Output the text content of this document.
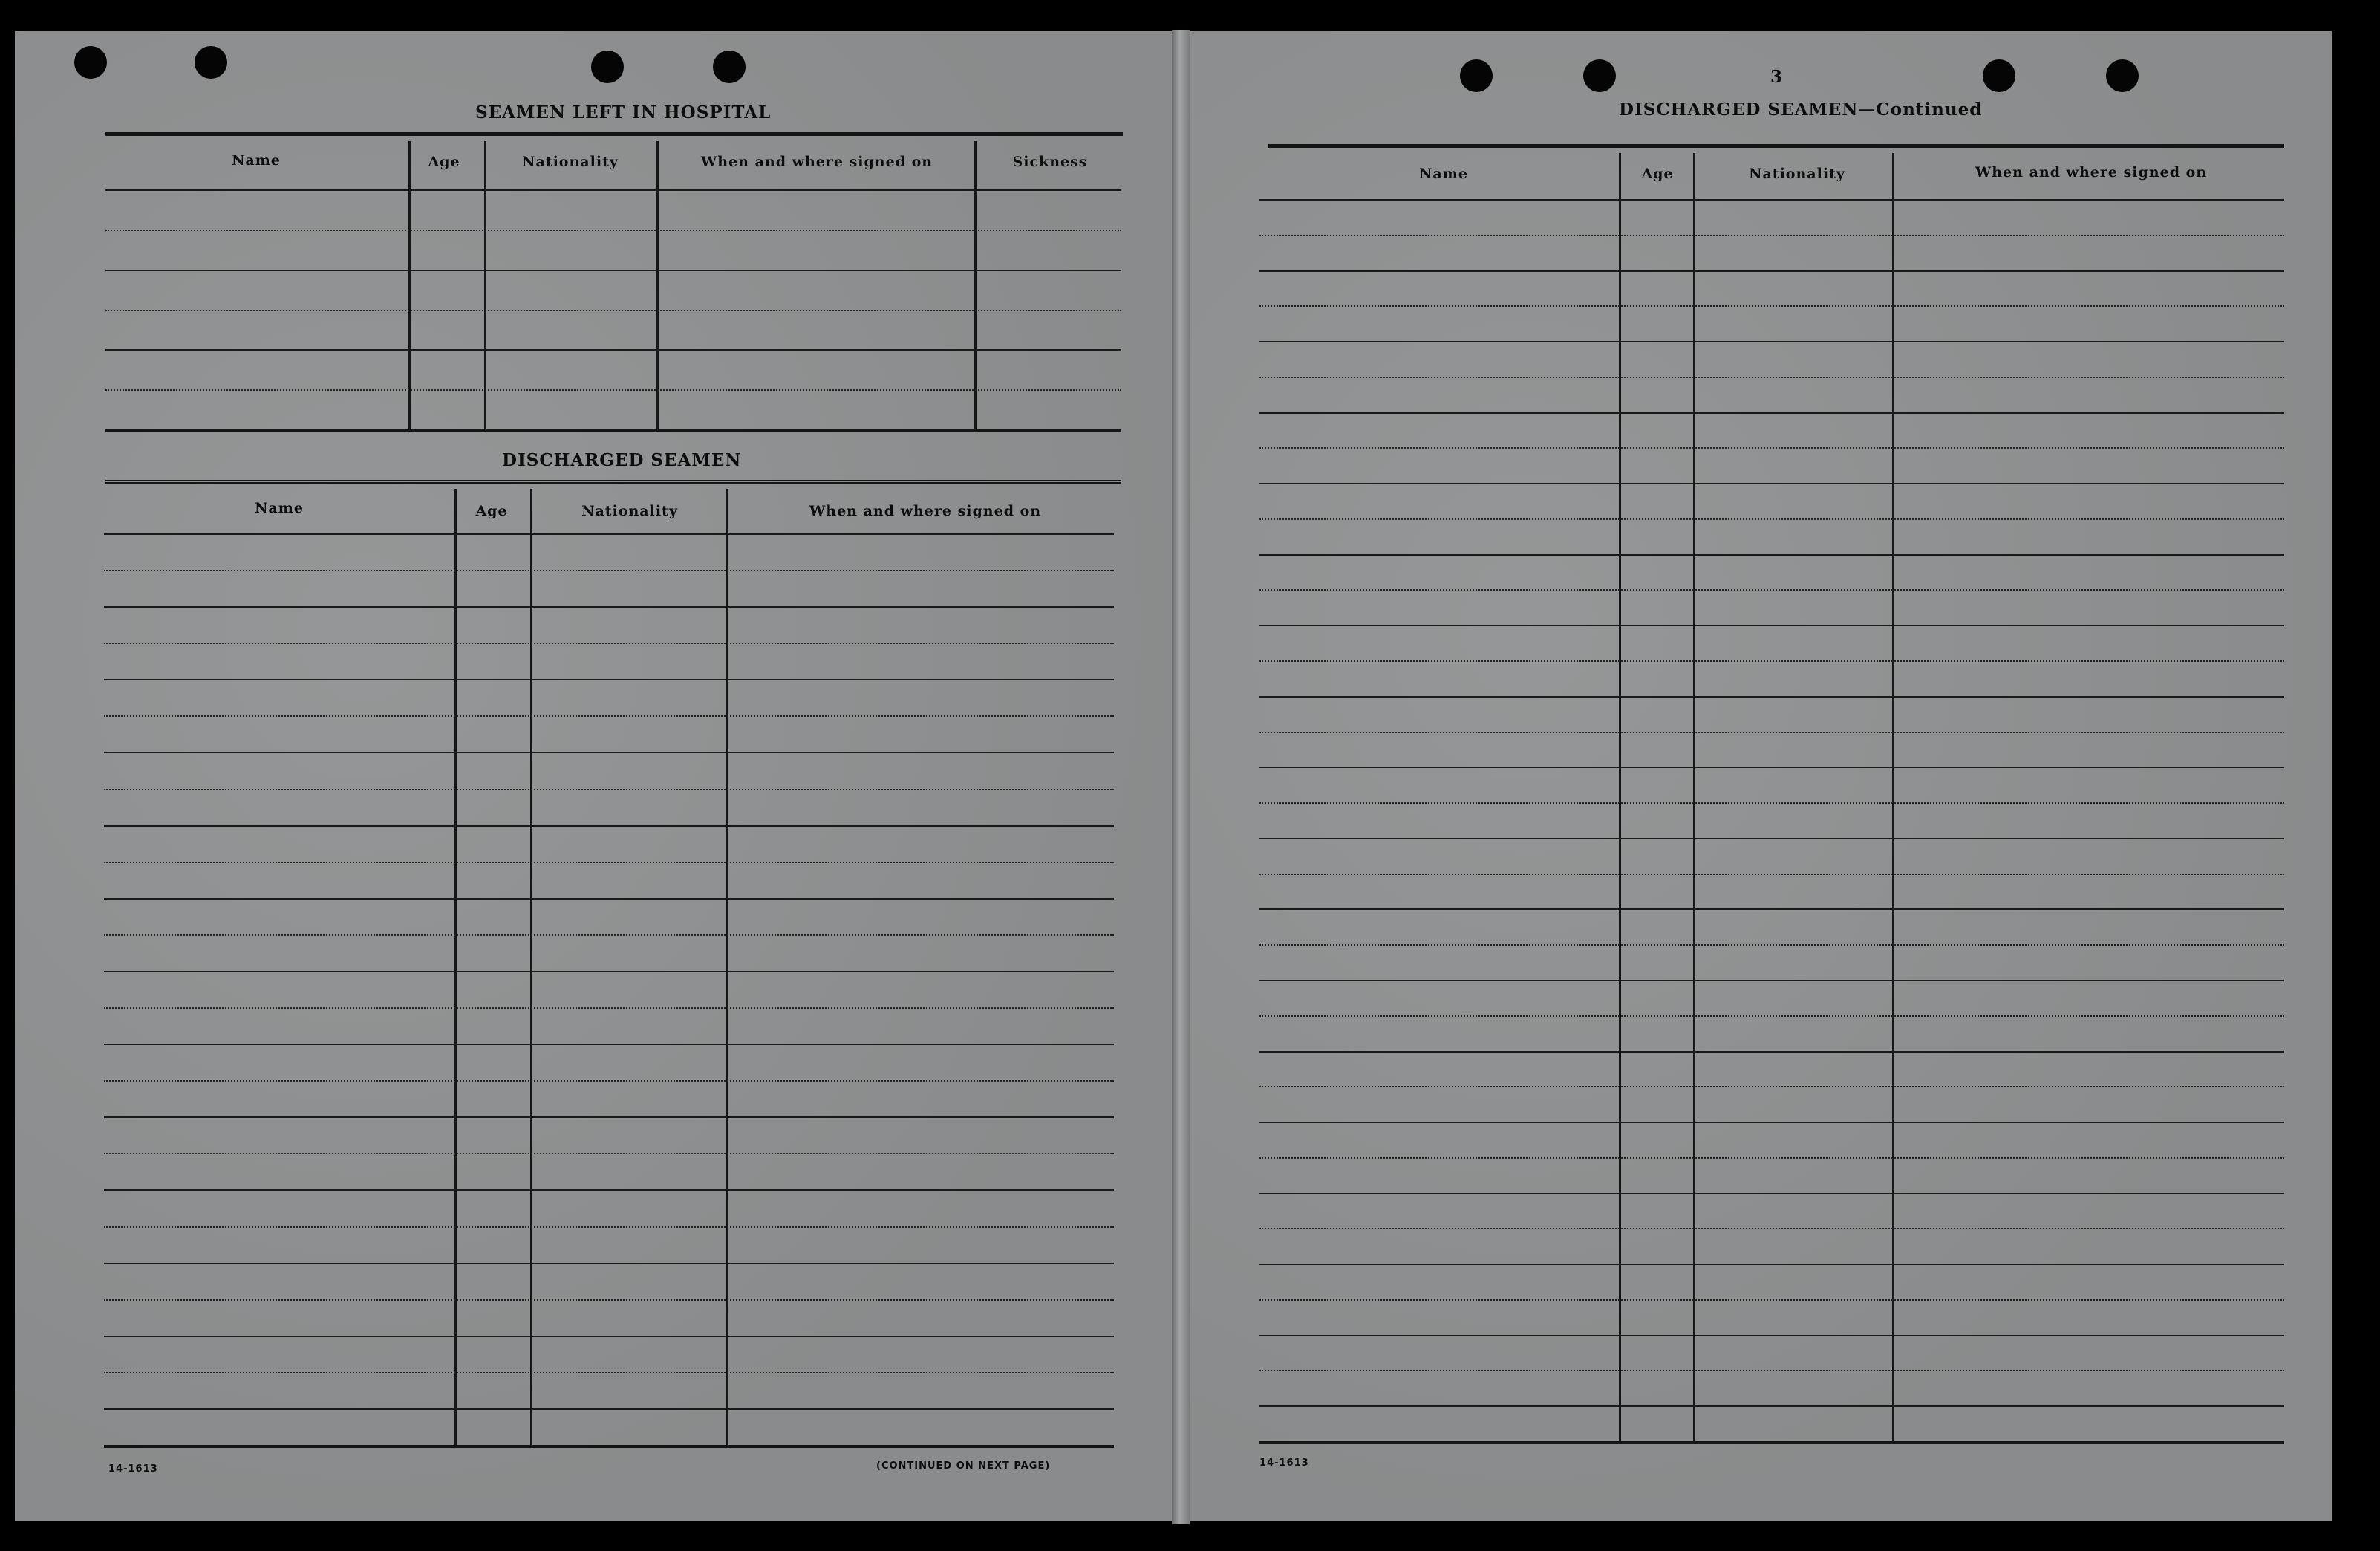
SEAMEN LEFT IN HOSPITAL
Name	Age	Nationality	When and where signed on	Sickness
DISCHARGED SEAMEN
Name	Age	Nationality	When and where signed on
14-1613	(CONTINUED ON NEXT PAGE)
3
DISCHARGED SEAMEN—Continued
Name	Age	Nationality	When and where signed on
14-1613
